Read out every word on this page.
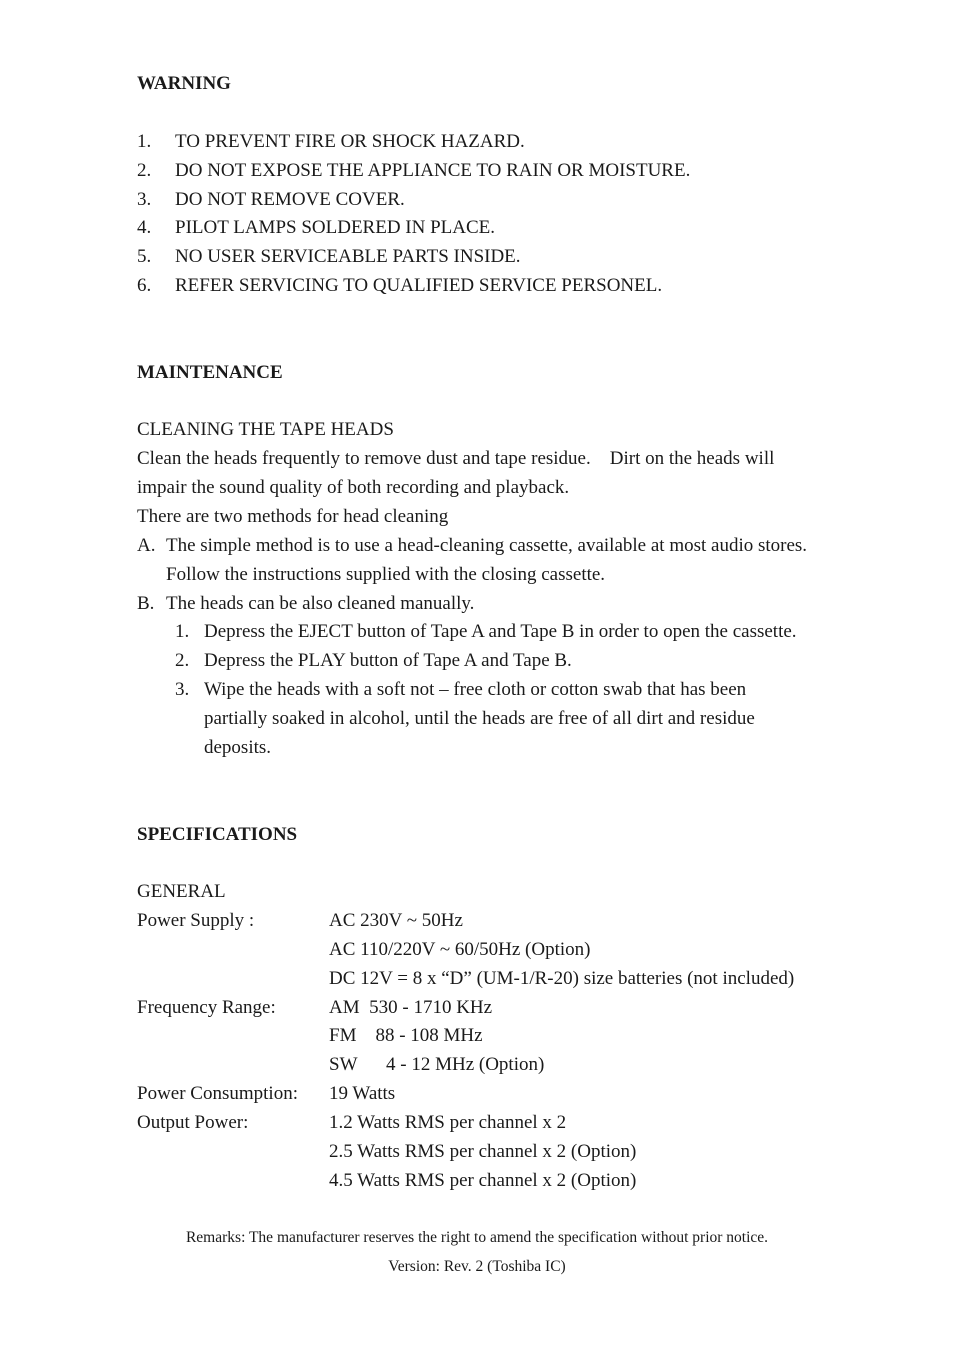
WARNING
1. TO PREVENT FIRE OR SHOCK HAZARD.
2. DO NOT EXPOSE THE APPLIANCE TO RAIN OR MOISTURE.
3. DO NOT REMOVE COVER.
4. PILOT LAMPS SOLDERED IN PLACE.
5. NO USER SERVICEABLE PARTS INSIDE.
6. REFER SERVICING TO QUALIFIED SERVICE PERSONEL.
MAINTENANCE
CLEANING THE TAPE HEADS
Clean the heads frequently to remove dust and tape residue.    Dirt on the heads will
impair the sound quality of both recording and playback.
There are two methods for head cleaning
A. The simple method is to use a head-cleaning cassette, available at most audio stores.
Follow the instructions supplied with the closing cassette.
B. The heads can be also cleaned manually.
1. Depress the EJECT button of Tape A and Tape B in order to open the cassette.
2. Depress the PLAY button of Tape A and Tape B.
3. Wipe the heads with a soft not – free cloth or cotton swab that has been
partially soaked in alcohol, until the heads are free of all dirt and residue
deposits.
SPECIFICATIONS
GENERAL
Power Supply :	AC 230V ~ 50Hz
AC 110/220V ~ 60/50Hz (Option)
DC 12V = 8 x “D” (UM-1/R-20) size batteries (not included)
Frequency Range:	AM  530 - 1710 KHz
FM    88 - 108 MHz
SW      4 - 12 MHz (Option)
Power Consumption: 19 Watts
Output Power:	1.2 Watts RMS per channel x 2
2.5 Watts RMS per channel x 2 (Option)
4.5 Watts RMS per channel x 2 (Option)
Remarks: The manufacturer reserves the right to amend the specification without prior notice.
Version: Rev. 2 (Toshiba IC)
